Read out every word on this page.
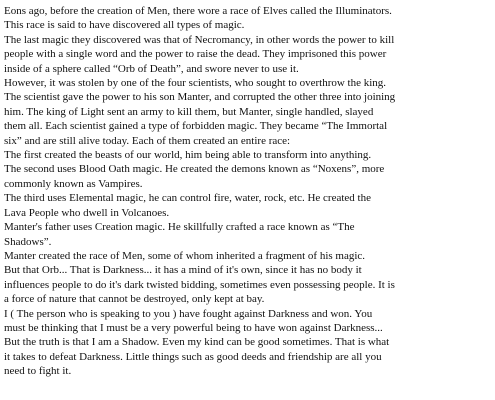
Eons ago, before the creation of Men, there wore a race of Elves called the Illuminators.
This race is said to have discovered all types of magic.
The last magic they discovered was that of Necromancy, in other words the power to kill
people with a single word and the power to raise the dead. They imprisoned this power
inside of a sphere called “Orb of Death”, and swore never to use it.
However, it was stolen by one of the four scientists, who sought to overthrow the king.
The scientist gave the power to his son Manter, and corrupted the other three into joining
him. The king of Light sent an army to kill them, but Manter, single handled, slayed
them all. Each scientist gained a type of forbidden magic. They became “The Immortal
six” and are still alive today. Each of them created an entire race:
The first created the beasts of our world, him being able to transform into anything.
The second uses Blood Oath magic. He created the demons known as “Noxens”, more
commonly known as Vampires.
The third uses Elemental magic, he can control fire, water, rock, etc. He created the
Lava People who dwell in Volcanoes.
Manter's father uses Creation magic. He skillfully crafted a race known as “The
Shadows”.
Manter created the race of Men, some of whom inherited a fragment of his magic.
But that Orb... That is Darkness... it has a mind of it's own, since it has no body it
influences people to do it's dark twisted bidding, sometimes even possessing people. It is
a force of nature that cannot be destroyed, only kept at bay.
I ( The person who is speaking to you ) have fought against Darkness and won. You
must be thinking that I must be a very powerful being to have won against Darkness...
But the truth is that I am a Shadow. Even my kind can be good sometimes. That is what
it takes to defeat Darkness. Little things such as good deeds and friendship are all you
need to fight it.
